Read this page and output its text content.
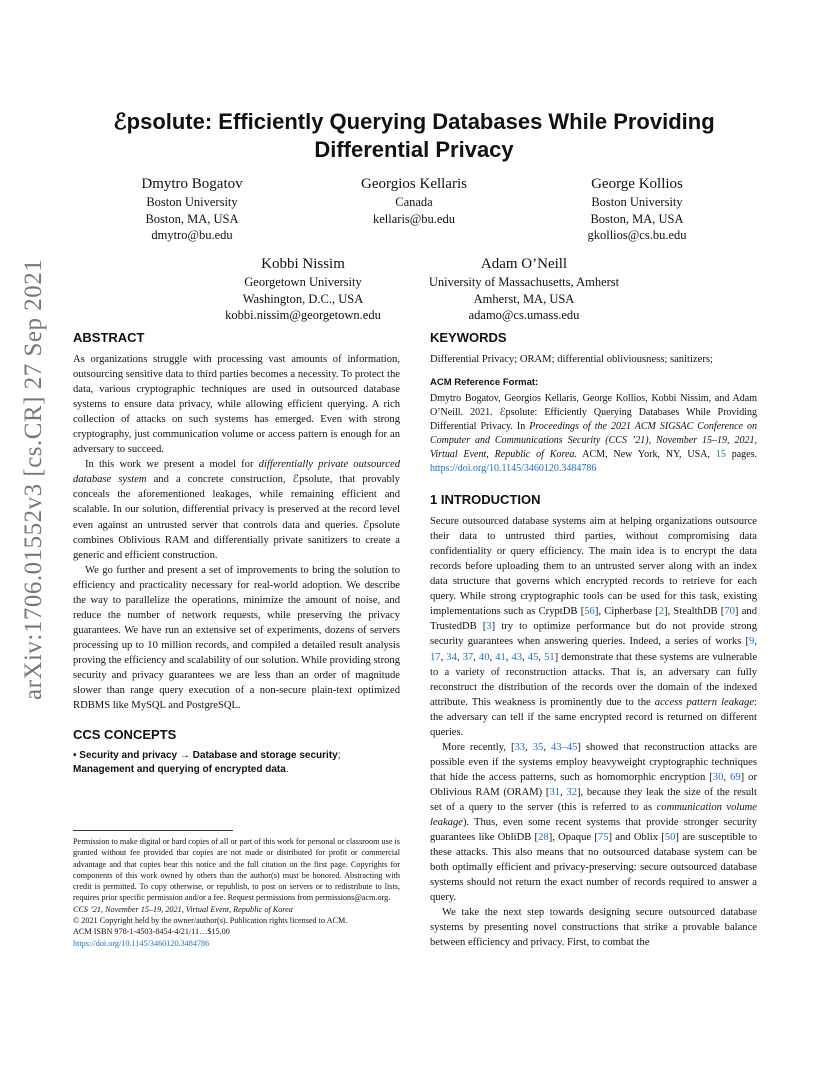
arXiv:1706.01552v3 [cs.CR] 27 Sep 2021
ℰpsolute: Efficiently Querying Databases While Providing
Differential Privacy
Dmytro Bogatov
Boston University
Boston, MA, USA
dmytro@bu.edu
Georgios Kellaris
Canada
kellaris@bu.edu
George Kollios
Boston University
Boston, MA, USA
gkollios@cs.bu.edu
Kobbi Nissim
Georgetown University
Washington, D.C., USA
kobbi.nissim@georgetown.edu
Adam O’Neill
University of Massachusetts, Amherst
Amherst, MA, USA
adamo@cs.umass.edu
ABSTRACT

As organizations struggle with processing vast amounts of information, outsourcing sensitive data to third parties becomes a necessity. To protect the data, various cryptographic techniques are used in outsourced database systems to ensure data privacy, while allowing efficient querying. A rich collection of attacks on such systems has emerged. Even with strong cryptography, just communication volume or access pattern is enough for an adversary to succeed.

In this work we present a model for differentially private outsourced database system and a concrete construction, ℰpsolute, that provably conceals the aforementioned leakages, while remaining efficient and scalable. In our solution, differential privacy is preserved at the record level even against an untrusted server that controls data and queries. ℰpsolute combines Oblivious RAM and differentially private sanitizers to create a generic and efficient construction.

We go further and present a set of improvements to bring the solution to efficiency and practicality necessary for real-world adoption. We describe the way to parallelize the operations, minimize the amount of noise, and reduce the number of network requests, while preserving the privacy guarantees. We have run an extensive set of experiments, dozens of servers processing up to 10 million records, and compiled a detailed result analysis proving the efficiency and scalability of our solution. While providing strong security and privacy guarantees we are less than an order of magnitude slower than range query execution of a non-secure plain-text optimized RDBMS like MySQL and PostgreSQL.

CCS CONCEPTS
• Security and privacy → Database and storage security; Management and querying of encrypted data.

Permission to make digital or hard copies of all or part of this work for personal or classroom use is granted without fee provided that copies are not made or distributed for profit or commercial advantage and that copies bear this notice and the full citation on the first page. Copyrights for components of this work owned by others than the author(s) must be honored. Abstracting with credit is permitted. To copy otherwise, or republish, to post on servers or to redistribute to lists, requires prior specific permission and/or a fee. Request permissions from permissions@acm.org.

CCS ’21, November 15–19, 2021, Virtual Event, Republic of Korea

© 2021 Copyright held by the owner/author(s). Publication rights licensed to ACM.

ACM ISBN 978-1-4503-8454-4/21/11…$15.00

https://doi.org/10.1145/3460120.3484786

KEYWORDS

Differential Privacy; ORAM; differential obliviousness; sanitizers;

ACM Reference Format:

Dmytro Bogatov, Georgios Kellaris, George Kollios, Kobbi Nissim, and Adam O’Neill. 2021. ℰpsolute: Efficiently Querying Databases While Providing Differential Privacy. In Proceedings of the 2021 ACM SIGSAC Conference on Computer and Communications Security (CCS ’21), November 15–19, 2021, Virtual Event, Republic of Korea. ACM, New York, NY, USA, 15 pages. https://doi.org/10.1145/3460120.3484786

1 INTRODUCTION

Secure outsourced database systems aim at helping organizations outsource their data to untrusted third parties, without compromising data confidentiality or query efficiency. The main idea is to encrypt the data records before uploading them to an untrusted server along with an index data structure that governs which encrypted records to retrieve for each query. While strong cryptographic tools can be used for this task, existing implementations such as CryptDB [56], Cipherbase [2], StealthDB [70] and TrustedDB [3] try to optimize performance but do not provide strong security guarantees when answering queries. Indeed, a series of works [9, 17, 34, 37, 40, 41, 43, 45, 51] demonstrate that these systems are vulnerable to a variety of reconstruction attacks. That is, an adversary can fully reconstruct the distribution of the records over the domain of the indexed attribute. This weakness is prominently due to the access pattern leakage: the adversary can tell if the same encrypted record is returned on different queries.

More recently, [33, 35, 43–45] showed that reconstruction attacks are possible even if the systems employ heavyweight cryptographic techniques that hide the access patterns, such as homomorphic encryption [30, 69] or Oblivious RAM (ORAM) [31, 32], because they leak the size of the result set of a query to the server (this is referred to as communication volume leakage). Thus, even some recent systems that provide stronger security guarantees like ObliDB [28], Opaque [75] and Oblix [50] are susceptible to these attacks. This also means that no outsourced database system can be both optimally efficient and privacy-preserving: secure outsourced database systems should not return the exact number of records required to answer a query.

We take the next step towards designing secure outsourced database systems by presenting novel constructions that strike a provable balance between efficiency and privacy. First, to combat the
